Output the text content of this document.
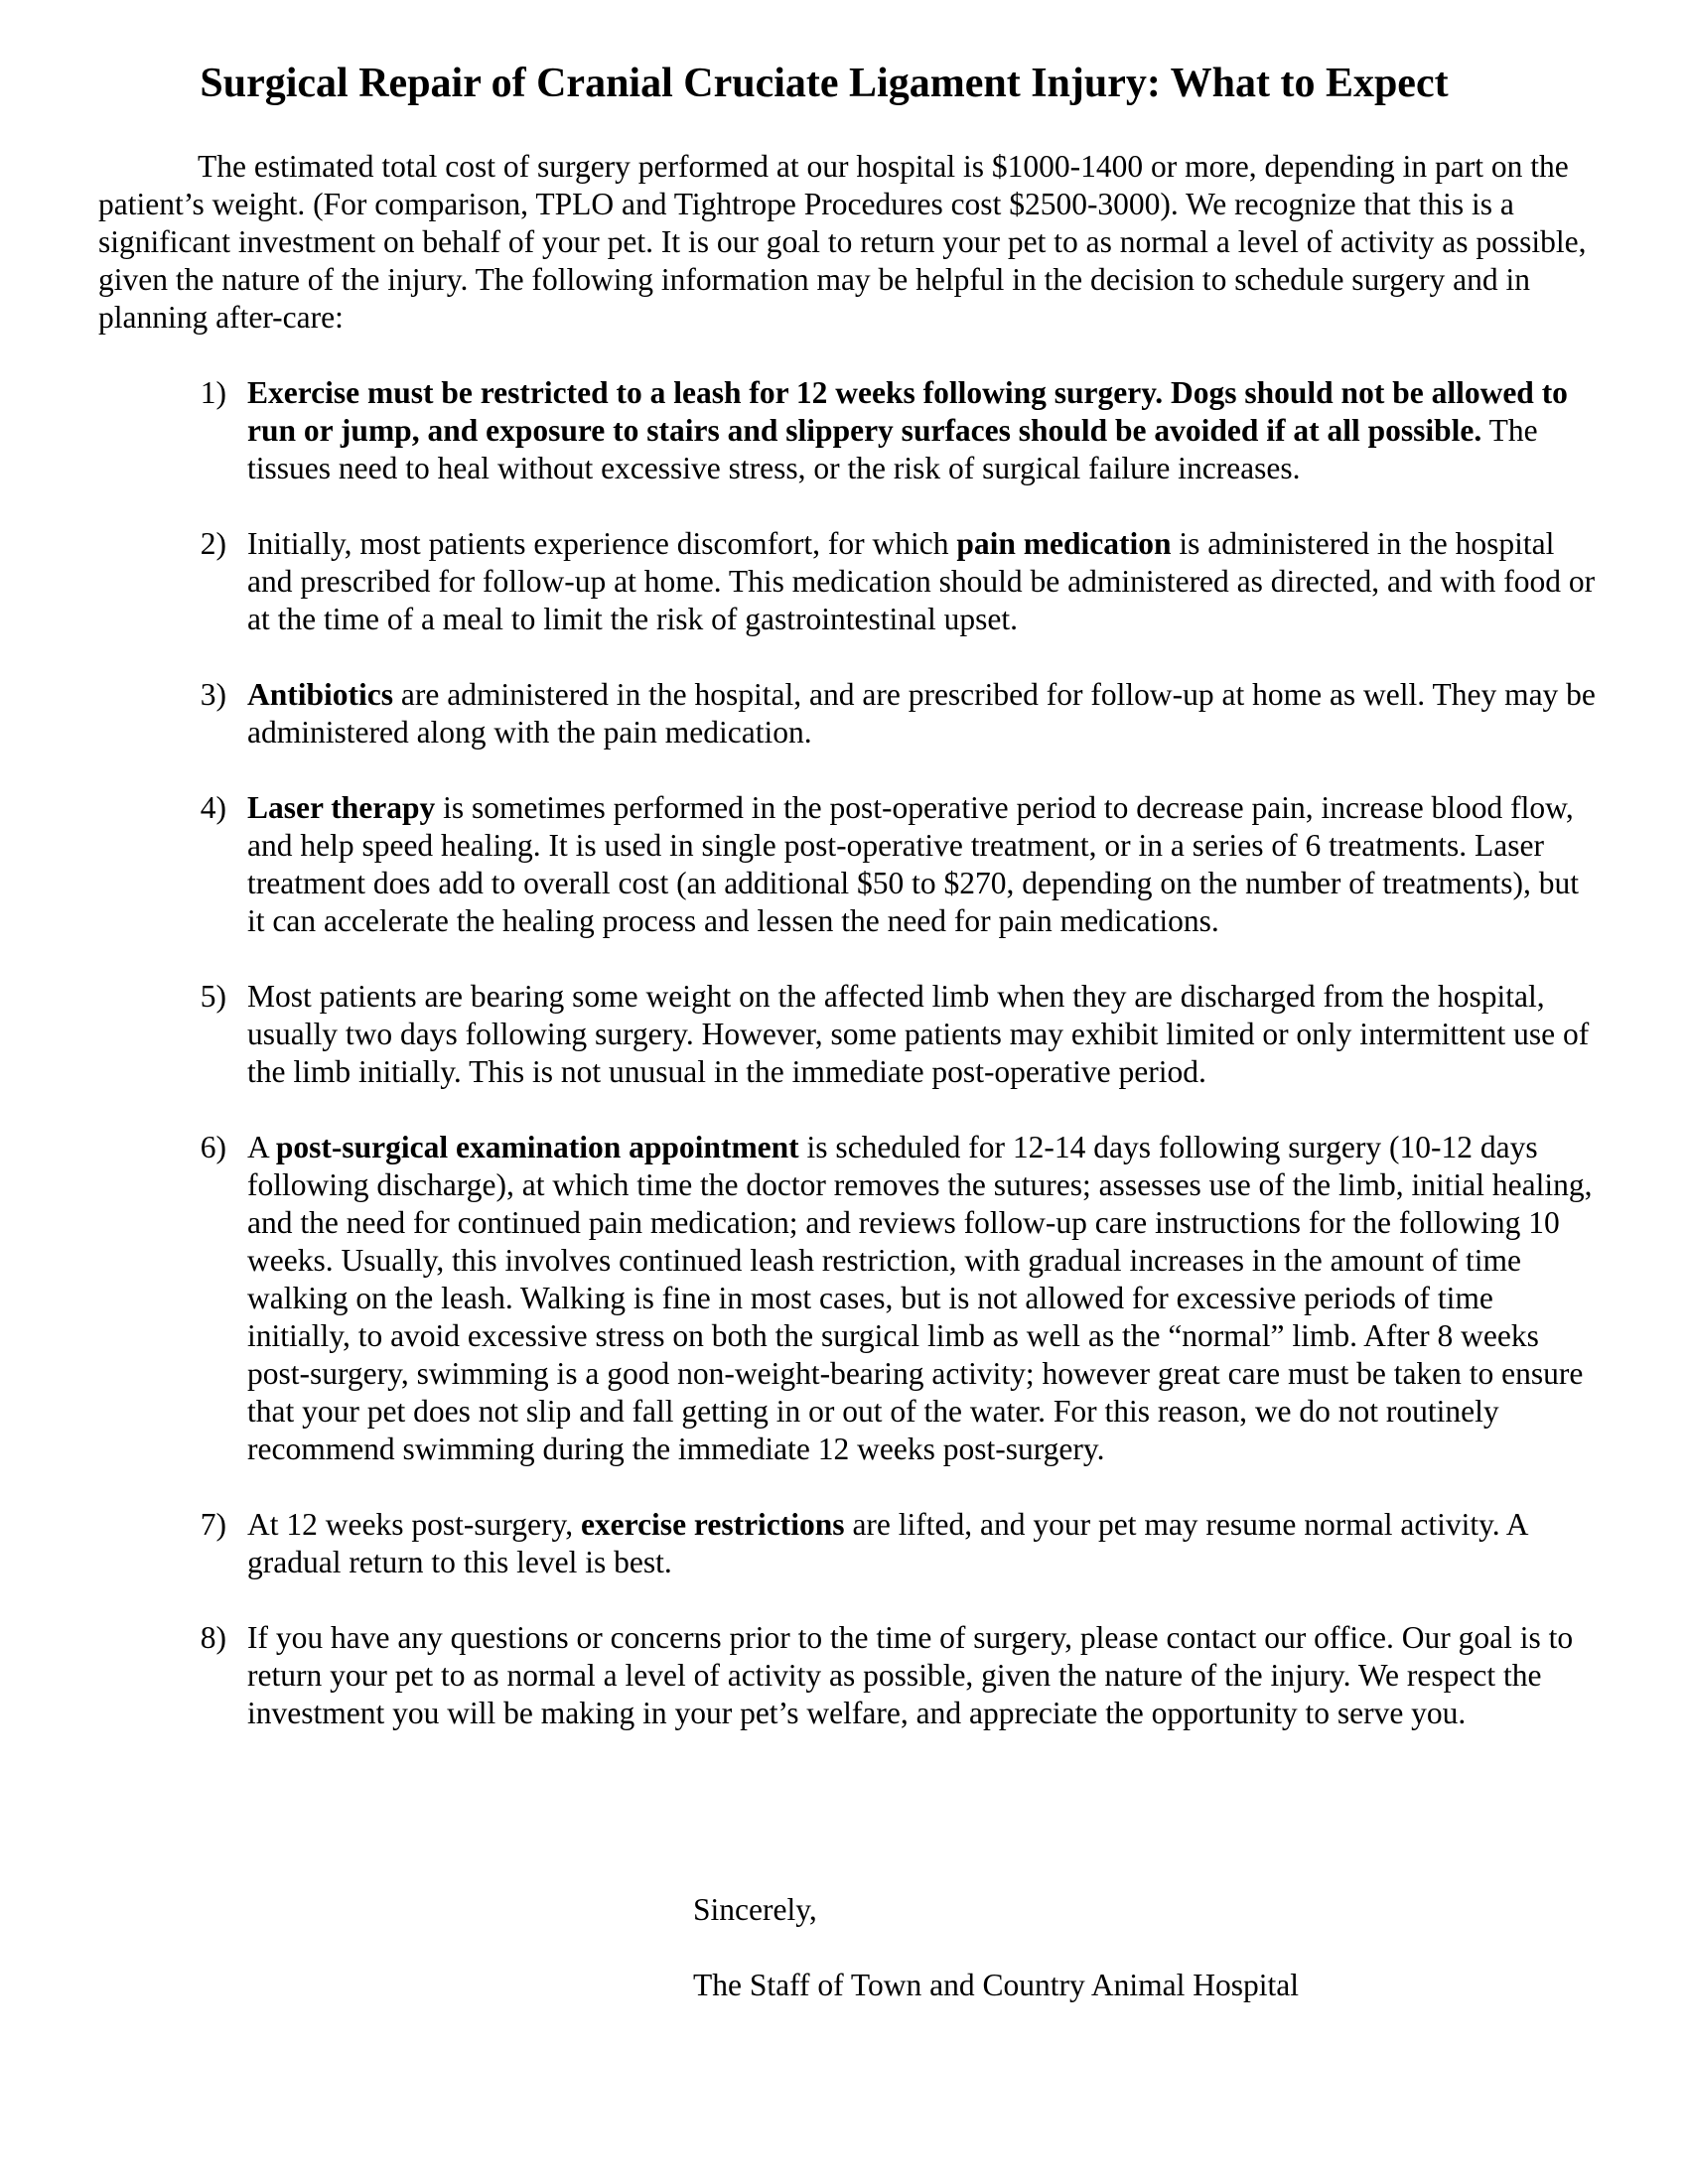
Surgical Repair of Cranial Cruciate Ligament Injury: What to Expect

The estimated total cost of surgery performed at our hospital is $1000-1400 or more, depending in part on the patient’s weight. (For comparison, TPLO and Tightrope Procedures cost $2500-3000). We recognize that this is a significant investment on behalf of your pet. It is our goal to return your pet to as normal a level of activity as possible, given the nature of the injury. The following information may be helpful in the decision to schedule surgery and in planning after-care:

1) Exercise must be restricted to a leash for 12 weeks following surgery. Dogs should not be allowed to run or jump, and exposure to stairs and slippery surfaces should be avoided if at all possible. The tissues need to heal without excessive stress, or the risk of surgical failure increases.
2) Initially, most patients experience discomfort, for which pain medication is administered in the hospital and prescribed for follow-up at home. This medication should be administered as directed, and with food or at the time of a meal to limit the risk of gastrointestinal upset.
3) Antibiotics are administered in the hospital, and are prescribed for follow-up at home as well. They may be administered along with the pain medication.
4) Laser therapy is sometimes performed in the post-operative period to decrease pain, increase blood flow, and help speed healing. It is used in single post-operative treatment, or in a series of 6 treatments. Laser treatment does add to overall cost (an additional $50 to $270, depending on the number of treatments), but it can accelerate the healing process and lessen the need for pain medications.
5) Most patients are bearing some weight on the affected limb when they are discharged from the hospital, usually two days following surgery. However, some patients may exhibit limited or only intermittent use of the limb initially. This is not unusual in the immediate post-operative period.
6) A post-surgical examination appointment is scheduled for 12-14 days following surgery (10-12 days following discharge), at which time the doctor removes the sutures; assesses use of the limb, initial healing, and the need for continued pain medication; and reviews follow-up care instructions for the following 10 weeks. Usually, this involves continued leash restriction, with gradual increases in the amount of time walking on the leash. Walking is fine in most cases, but is not allowed for excessive periods of time initially, to avoid excessive stress on both the surgical limb as well as the “normal” limb. After 8 weeks post-surgery, swimming is a good non-weight-bearing activity; however great care must be taken to ensure that your pet does not slip and fall getting in or out of the water. For this reason, we do not routinely recommend swimming during the immediate 12 weeks post-surgery.
7) At 12 weeks post-surgery, exercise restrictions are lifted, and your pet may resume normal activity. A gradual return to this level is best.
8) If you have any questions or concerns prior to the time of surgery, please contact our office. Our goal is to return your pet to as normal a level of activity as possible, given the nature of the injury. We respect the investment you will be making in your pet’s welfare, and appreciate the opportunity to serve you.
Sincerely,
The Staff of Town and Country Animal Hospital
